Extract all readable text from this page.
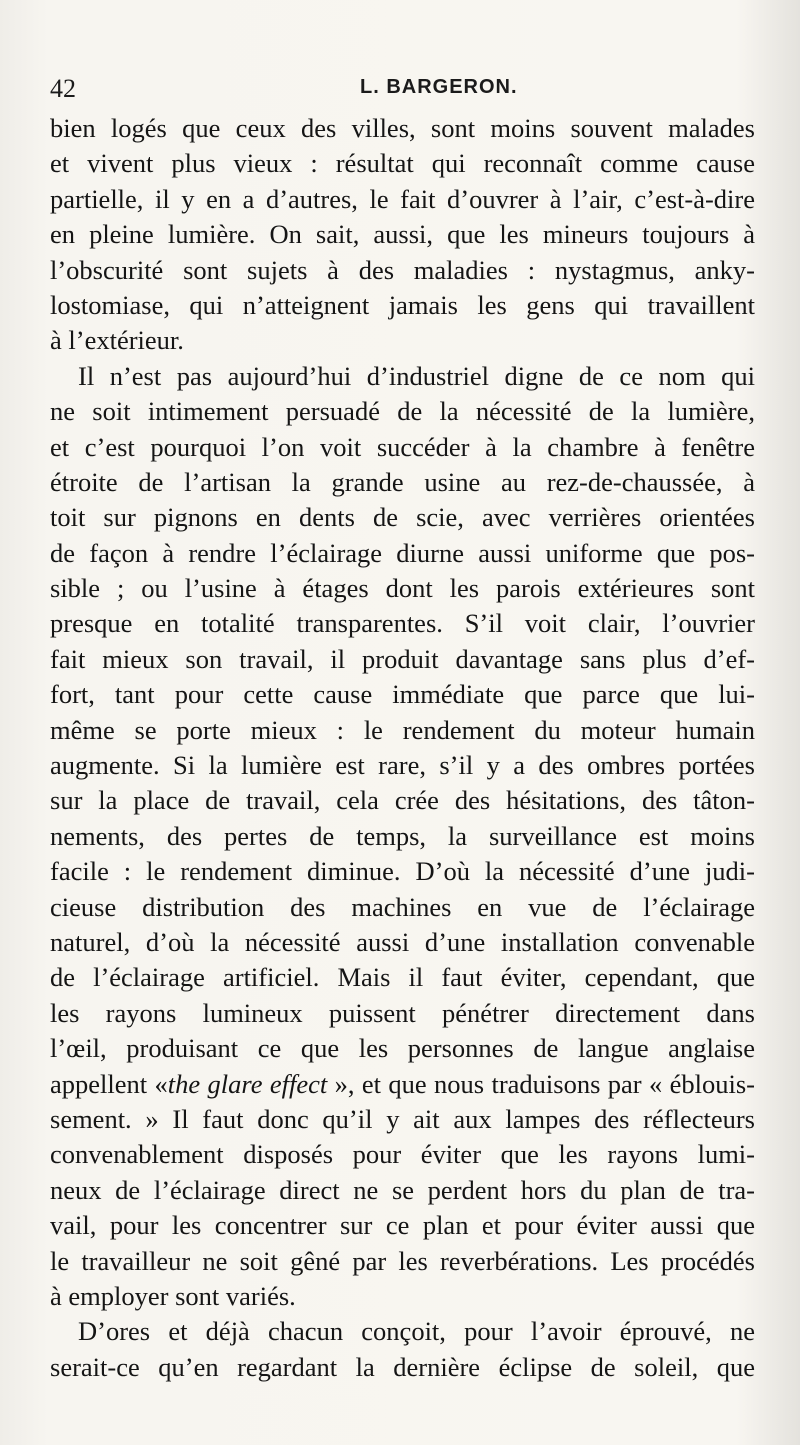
42	L. BARGERON.
bien logés que ceux des villes, sont moins souvent malades
et vivent plus vieux : résultat qui reconnaît comme cause
partielle, il y en a d’autres, le fait d’ouvrer à l’air, c’est-à-dire
en pleine lumière. On sait, aussi, que les mineurs toujours à
l’obscurité sont sujets à des maladies : nystagmus, anky-
lostomiase, qui n’atteignent jamais les gens qui travaillent
à l’extérieur.
Il n’est pas aujourd’hui d’industriel digne de ce nom qui
ne soit intimement persuadé de la nécessité de la lumière,
et c’est pourquoi l’on voit succéder à la chambre à fenêtre
étroite de l’artisan la grande usine au rez-de-chaussée, à
toit sur pignons en dents de scie, avec verrières orientées
de façon à rendre l’éclairage diurne aussi uniforme que pos-
sible ; ou l’usine à étages dont les parois extérieures sont
presque en totalité transparentes. S’il voit clair, l’ouvrier
fait mieux son travail, il produit davantage sans plus d’ef-
fort, tant pour cette cause immédiate que parce que lui-
même se porte mieux : le rendement du moteur humain
augmente. Si la lumière est rare, s’il y a des ombres portées
sur la place de travail, cela crée des hésitations, des tâton-
nements, des pertes de temps, la surveillance est moins
facile : le rendement diminue. D’où la nécessité d’une judi-
cieuse distribution des machines en vue de l’éclairage
naturel, d’où la nécessité aussi d’une installation convenable
de l’éclairage artificiel. Mais il faut éviter, cependant, que
les rayons lumineux puissent pénétrer directement dans
l’œil, produisant ce que les personnes de langue anglaise
appellent «the glare effect », et que nous traduisons par « éblouis-
sement. » Il faut donc qu’il y ait aux lampes des réflecteurs
convenablement disposés pour éviter que les rayons lumi-
neux de l’éclairage direct ne se perdent hors du plan de tra-
vail, pour les concentrer sur ce plan et pour éviter aussi que
le travailleur ne soit gêné par les reverbérations. Les procédés
à employer sont variés.
D’ores et déjà chacun conçoit, pour l’avoir éprouvé, ne
serait-ce qu’en regardant la dernière éclipse de soleil, que
